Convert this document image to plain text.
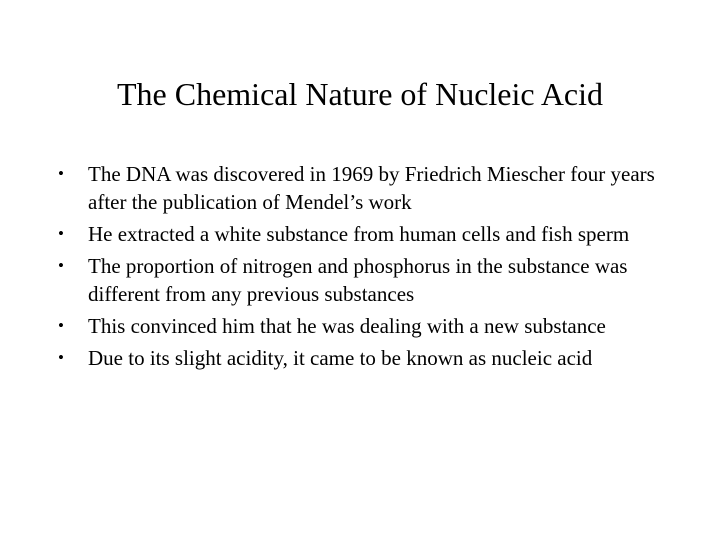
The Chemical Nature of Nucleic Acid
•	The DNA was discovered in 1969 by Friedrich Miescher four years after the publication of Mendel’s work
•	He extracted a white substance from human cells and fish sperm
•	The proportion of nitrogen and phosphorus in the substance was different from any previous substances
•	This convinced him that he was dealing with a new substance
•	Due to its slight acidity, it came to be known as nucleic acid
